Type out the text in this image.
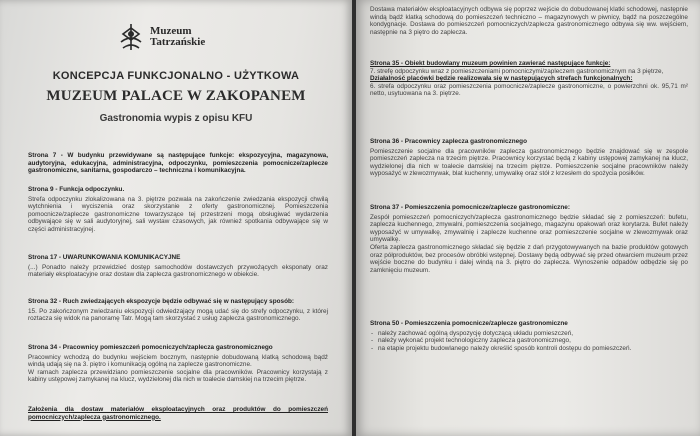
Muzeum
Tatrzańskie
KONCEPCJA FUNKCJONALNO - UŻYTKOWA
MUZEUM PALACE W ZAKOPANEM
Gastronomia wypis z opisu KFU
Strona 7 - W budynku przewidywane są następujące funkcje: ekspozycyjna, magazynowa, audytoryjna, edukacyjna, administracyjna, odpoczynku, pomieszczenia pomocnicze/zaplecze gastronomiczne, sanitarna, gospodarczo – techniczna i komunikacyjna.
Strona 9 - Funkcja odpoczynku.

Strefa odpoczynku zlokalizowana na 3. piętrze pozwala na zakończenie zwiedzania ekspozycji chwilą wytchnienia i wyciszenia oraz skorzystanie z oferty gastronomicznej. Pomieszczenia pomocnicze/zaplecze gastronomiczne towarzyszące tej przestrzeni mogą obsługiwać wydarzenia odbywające się w sali audytoryjnej, sali wystaw czasowych, jak również spotkania odbywające się w części administracyjnej.

Strona 17 - UWARUNKOWANIA KOMUNIKACYJNE

(...) Ponadto należy przewidzieć dostęp samochodów dostawczych przywożących eksponaty oraz materiały eksploatacyjne oraz dostaw dla zaplecza gastronomicznego w obiekcie.

Strona 32 - Ruch zwiedzających ekspozycje będzie odbywać się w następujący sposób:

15. Po zakończonym zwiedzaniu ekspozycji odwiedzający mogą udać się do strefy odpoczynku, z której roztacza się widok na panoramę Tatr. Mogą tam skorzystać z usług zaplecza gastronomicznego.

Strona 34 - Pracownicy pomieszczeń pomocniczych/zaplecza gastronomicznego

Pracownicy wchodzą do budynku wejściem bocznym, następnie dobudowaną klatką schodową bądź windą udają się na 3. piętro i komunikacją ogólną na zaplecze gastronomiczne.

W ramach zaplecza przewidziano pomieszczenie socjalne dla pracowników. Pracownicy korzystają z kabiny ustępowej zamykanej na klucz, wydzielonej dla nich w toalecie damskiej na trzecim piętrze.

Założenia dla dostaw materiałów eksploatacyjnych oraz produktów do pomieszczeń pomocniczych/zaplecza gastronomicznego.

Dostawa materiałów eksploatacyjnych odbywa się poprzez wejście do dobudowanej klatki schodowej, następnie windą bądź klatką schodową do pomieszczeń techniczno – magazynowych w piwnicy, bądź na poszczególne kondygnacje. Dostawa do pomieszczeń pomocniczych/zaplecza gastronomicznego odbywa się ww. wejściem, następnie na 3 piętro do zaplecza.

Strona 35 - Obiekt budowlany muzeum powinien zawierać następujące funkcje:

7. strefę odpoczynku wraz z pomieszczeniami pomocniczymi/zapleczem gastronomicznym na 3 piętrze,

Działalność placówki będzie realizowała się w następujących strefach funkcjonalnych:

6. strefa odpoczynku oraz pomieszczenia pomocnicze/zaplecze gastronomiczne, o powierzchni ok. 95,71 m² netto, usytuowana na 3. piętrze.

Strona 36 - Pracownicy zaplecza gastronomicznego

Pomieszczenie socjalne dla pracowników zaplecza gastronomicznego będzie znajdować się w zespole pomieszczeń zaplecza na trzecim piętrze. Pracownicy korzystać będą z kabiny ustępowej zamykanej na klucz, wydzielonej dla nich w toalecie damskiej na trzecim piętrze. Pomieszczenie socjalne pracowników należy wyposażyć w zlewozmywak, blat kuchenny, umywalkę oraz stół z krzesłem do spożycia posiłków.

Strona 37 - Pomieszczenia pomocnicze/zaplecze gastronomiczne:

Zespół pomieszczeń pomocniczych/zaplecza gastronomicznego będzie składać się z pomieszczeń: bufetu, zaplecza kuchennego, zmywalni, pomieszczenia socjalnego, magazynu opakowań oraz korytarza. Bufet należy wyposażyć w umywalkę, zmywalnię i zaplecze kuchenne oraz pomieszczenie socjalne w zlewozmywak oraz umywalkę.

Oferta zaplecza gastronomicznego składać się będzie z dań przygotowywanych na bazie produktów gotowych oraz półproduktów, bez procesów obróbki wstępnej. Dostawy będą odbywać się przed otwarciem muzeum przez wejście boczne do budynku i dalej windą na 3. piętro do zaplecza. Wynoszenie odpadów odbędzie się po zamknięciu muzeum.

Strona 50 - Pomieszczenia pomocnicze/zaplecze gastronomiczne
- należy zachować ogólną dyspozycję dotyczącą układu pomieszczeń,
- należy wykonać projekt technologiczny zaplecza gastronomicznego,
- na etapie projektu budowlanego należy określić sposób kontroli dostępu do pomieszczeń.
